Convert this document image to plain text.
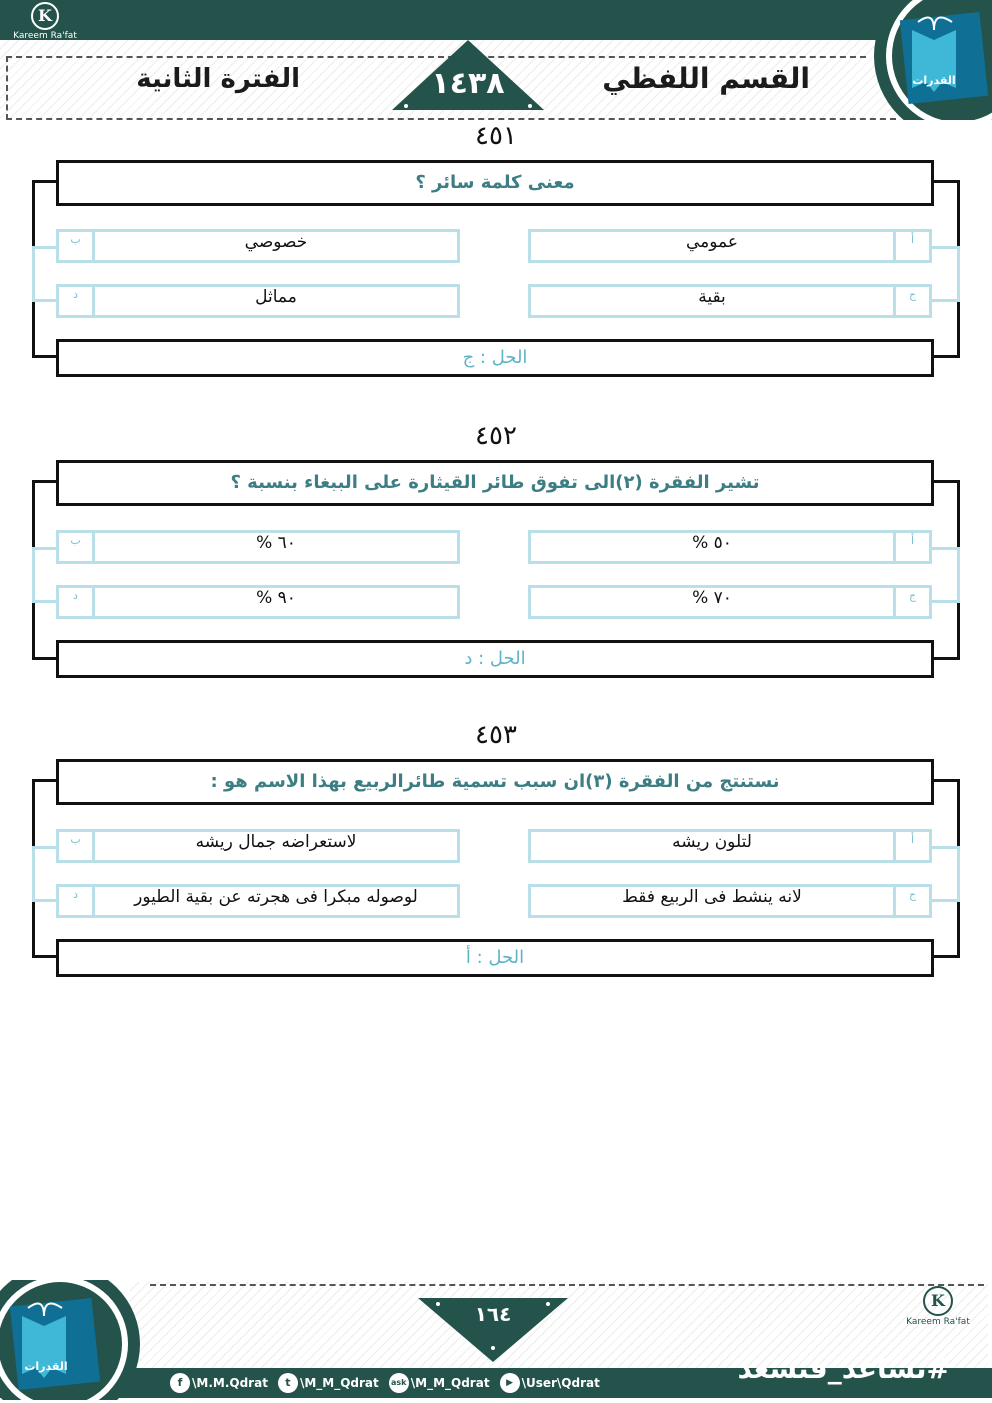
K
Kareem Ra'fat
١٤٣٨	القسم اللفظي
الفترة الثانية	القدرات
٤٥١
معنى كلمة سائر ؟
أ
عمومي
ب	خصوصي
ج
بقية
د	مماثل
الحل : ج
٤٥٢
تشير الفقرة (٢)الى تفوق طائر القيثارة على الببغاء بنسبة ؟
أ
٥٠ %
ب	٦٠ %
ج
٧٠ %
د	٩٠ %
الحل : د
٤٥٣
نستنتج من الفقرة (٣)ان سبب تسمية طائرالربيع بهذا الاسم هو :
أ
لتلون ريشه
ب	لاستعراضه جمال ريشه
ج
لانه ينشط فى الربيع فقط
د	لوصوله مبكرا فى هجرته عن بقية الطيور
الحل : أ
القدرات
١٦٤
K
Kareem Ra'fat
#نساعد_فنسعد
f \M.M.Qdrat	t \M_M_Qdrat ask \M_M_Qdrat	▶ \User\Qdrat
